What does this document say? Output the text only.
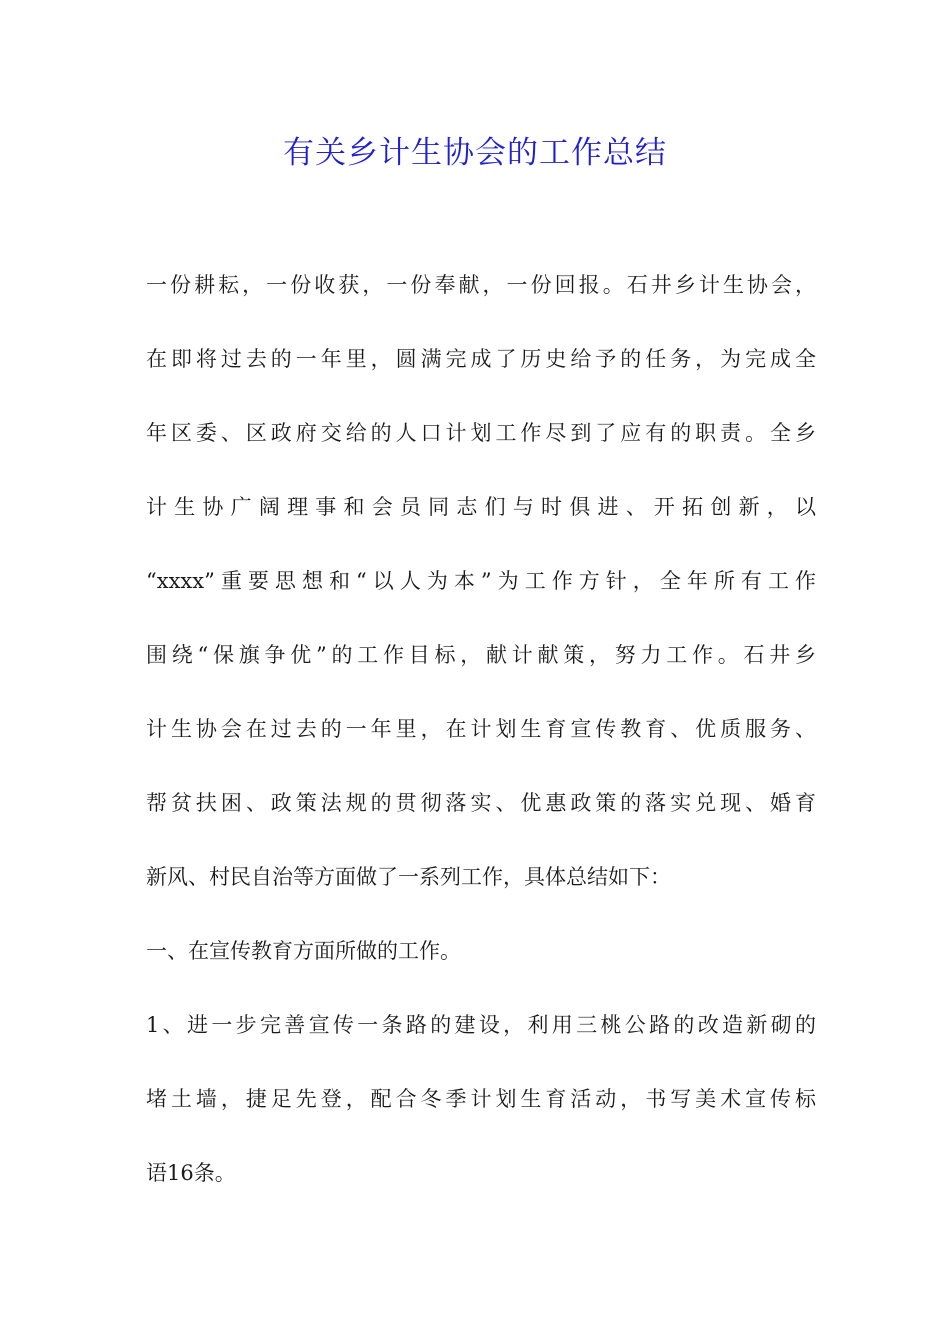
有关乡计生协会的工作总结

一份耕耘，一份收获，一份奉献，一份回报。石井乡计生协会，

在即将过去的一年里，圆满完成了历史给予的任务，为完成全

年区委、区政府交给的人口计划工作尽到了应有的职责。全乡

计生协广阔理事和会员同志们与时俱进、开拓创新，以

“xxxx”重要思想和“以人为本”为工作方针，全年所有工作

围绕“保旗争优”的工作目标，献计献策，努力工作。石井乡

计生协会在过去的一年里，在计划生育宣传教育、优质服务、

帮贫扶困、政策法规的贯彻落实、优惠政策的落实兑现、婚育

新风、村民自治等方面做了一系列工作，具体总结如下：

一、在宣传教育方面所做的工作。

1、进一步完善宣传一条路的建设，利用三桃公路的改造新砌的

堵土墙，捷足先登，配合冬季计划生育活动，书写美术宣传标

语16条。
